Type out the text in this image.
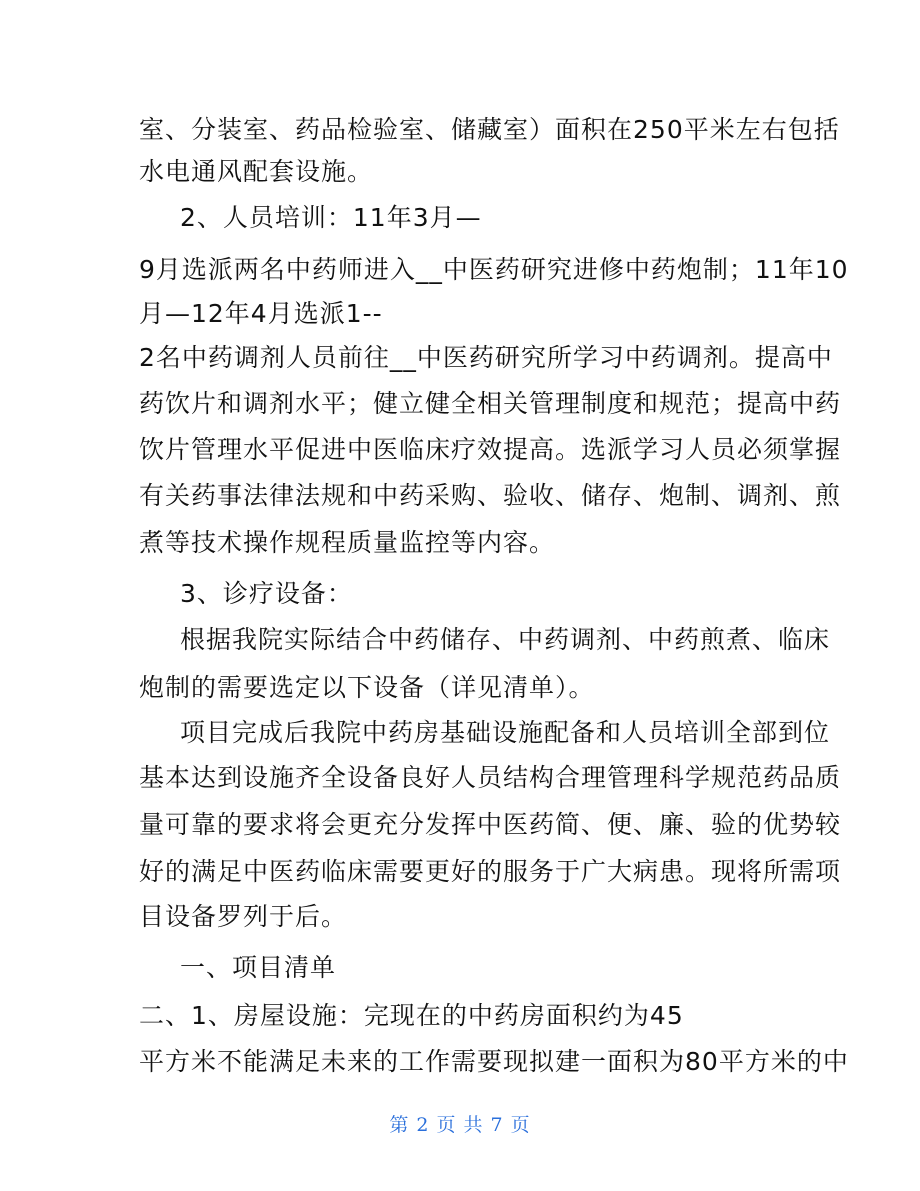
室、分装室、药品检验室、储藏室）面积在250平米左右包括
水电通风配套设施。
2、人员培训：11年3月—
9月选派两名中药师进入__中医药研究进修中药炮制；11年10
月—12年4月选派1--
2名中药调剂人员前往__中医药研究所学习中药调剂。提高中
药饮片和调剂水平；健立健全相关管理制度和规范；提高中药
饮片管理水平促进中医临床疗效提高。选派学习人员必须掌握
有关药事法律法规和中药采购、验收、储存、炮制、调剂、煎
煮等技术操作规程质量监控等内容。
3、诊疗设备：
根据我院实际结合中药储存、中药调剂、中药煎煮、临床
炮制的需要选定以下设备（详见清单）。
项目完成后我院中药房基础设施配备和人员培训全部到位
基本达到设施齐全设备良好人员结构合理管理科学规范药品质
量可靠的要求将会更充分发挥中医药简、便、廉、验的优势较
好的满足中医药临床需要更好的服务于广大病患。现将所需项
目设备罗列于后。
一、项目清单
二、1、房屋设施：完现在的中药房面积约为45
平方米不能满足未来的工作需要现拟建一面积为80平方米的中
第 2 页 共 7 页
